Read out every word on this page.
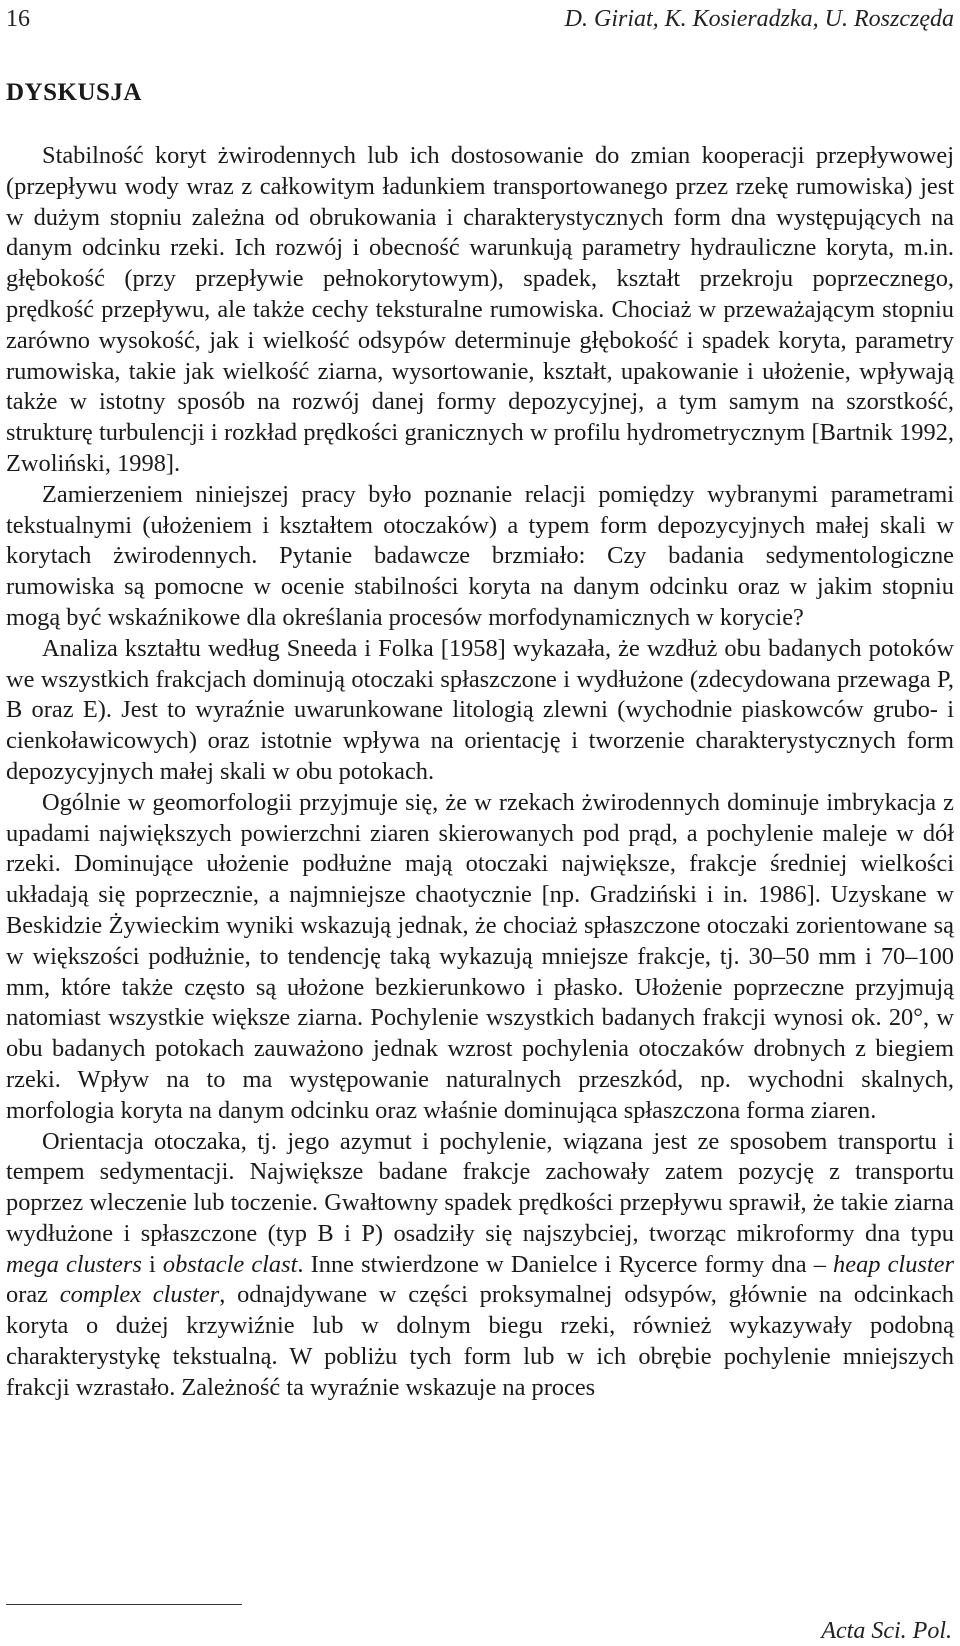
16	D. Giriat, K. Kosieradzka, U. Roszczęda
DYSKUSJA

Stabilność koryt żwirodennych lub ich dostosowanie do zmian kooperacji przepływowej (przepływu wody wraz z całkowitym ładunkiem transportowanego przez rzekę rumowiska) jest w dużym stopniu zależna od obrukowania i charakterystycznych form dna występujących na danym odcinku rzeki. Ich rozwój i obecność warunkują parametry hydrauliczne koryta, m.in. głębokość (przy przepływie pełnokorytowym), spadek, kształt przekroju poprzecznego, prędkość przepływu, ale także cechy teksturalne rumowiska. Chociaż w przeważającym stopniu zarówno wysokość, jak i wielkość odsypów determinuje głębokość i spadek koryta, parametry rumowiska, takie jak wielkość ziarna, wysortowanie, kształt, upakowanie i ułożenie, wpływają także w istotny sposób na rozwój danej formy depozycyjnej, a tym samym na szorstkość, strukturę turbulencji i rozkład prędkości granicznych w profilu hydrometrycznym [Bartnik 1992, Zwoliński, 1998].

Zamierzeniem niniejszej pracy było poznanie relacji pomiędzy wybranymi parametrami tekstualnymi (ułożeniem i kształtem otoczaków) a typem form depozycyjnych małej skali w korytach żwirodennych. Pytanie badawcze brzmiało: Czy badania sedymentologiczne rumowiska są pomocne w ocenie stabilności koryta na danym odcinku oraz w jakim stopniu mogą być wskaźnikowe dla określania procesów morfodynamicznych w korycie?

Analiza kształtu według Sneeda i Folka [1958] wykazała, że wzdłuż obu badanych potoków we wszystkich frakcjach dominują otoczaki spłaszczone i wydłużone (zdecydowana przewaga P, B oraz E). Jest to wyraźnie uwarunkowane litologią zlewni (wychodnie piaskowców grubo- i cienkoławicowych) oraz istotnie wpływa na orientację i tworzenie charakterystycznych form depozycyjnych małej skali w obu potokach.

Ogólnie w geomorfologii przyjmuje się, że w rzekach żwirodennych dominuje imbrykacja z upadami największych powierzchni ziaren skierowanych pod prąd, a pochylenie maleje w dół rzeki. Dominujące ułożenie podłużne mają otoczaki największe, frakcje średniej wielkości układają się poprzecznie, a najmniejsze chaotycznie [np. Gradziński i in. 1986]. Uzyskane w Beskidzie Żywieckim wyniki wskazują jednak, że chociaż spłaszczone otoczaki zorientowane są w większości podłużnie, to tendencję taką wykazują mniejsze frakcje, tj. 30–50 mm i 70–100 mm, które także często są ułożone bezkierunkowo i płasko. Ułożenie poprzeczne przyjmują natomiast wszystkie większe ziarna. Pochylenie wszystkich badanych frakcji wynosi ok. 20°, w obu badanych potokach zauważono jednak wzrost pochylenia otoczaków drobnych z biegiem rzeki. Wpływ na to ma występowanie naturalnych przeszkód, np. wychodni skalnych, morfologia koryta na danym odcinku oraz właśnie dominująca spłaszczona forma ziaren.

Orientacja otoczaka, tj. jego azymut i pochylenie, wiązana jest ze sposobem transportu i tempem sedymentacji. Największe badane frakcje zachowały zatem pozycję z transportu poprzez wleczenie lub toczenie. Gwałtowny spadek prędkości przepływu sprawił, że takie ziarna wydłużone i spłaszczone (typ B i P) osadziły się najszybciej, tworząc mikroformy dna typu mega clusters i obstacle clast. Inne stwierdzone w Danielce i Rycerce formy dna – heap cluster oraz complex cluster, odnajdywane w części proksymalnej odsypów, głównie na odcinkach koryta o dużej krzywiźnie lub w dolnym biegu rzeki, również wykazywały podobną charakterystykę tekstualną. W pobliżu tych form lub w ich obrębie pochylenie mniejszych frakcji wzrastało. Zależność ta wyraźnie wskazuje na proces

Acta Sci. Pol.
